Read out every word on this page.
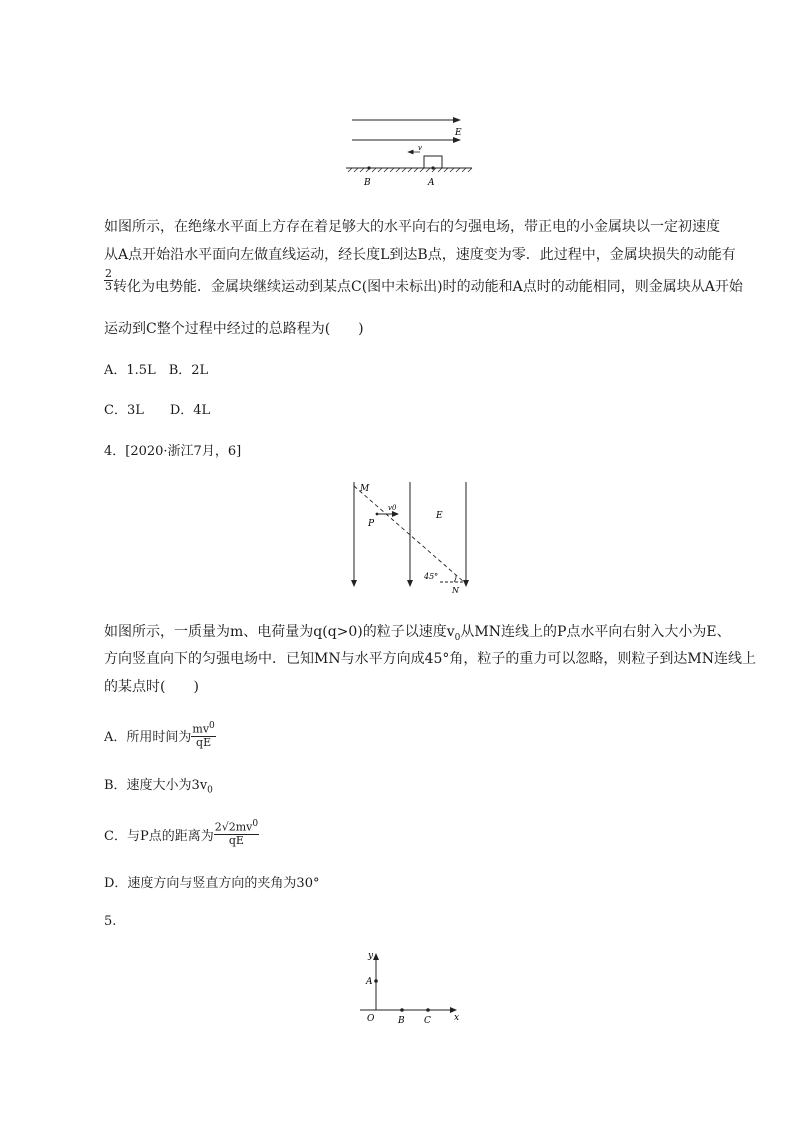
E
v
B	A
如图所示，在绝缘水平面上方存在着足够大的水平向右的匀强电场，带正电的小金属块以一定初速度
从A点开始沿水平面向左做直线运动，经长度L到达B点，速度变为零．此过程中，金属块损失的动能有
$\frac{2}{3}$ 转化为电势能．金属块继续运动到某点C(图中未标出)时的动能和A点时的动能相同，则金属块从A开始
运动到C整个过程中经过的总路程为(　　)
A．1.5L　B．2L
C．3L　　D．4L
4．[2020·浙江7月，6]
M
P
v0
E
45°
N
如图所示，一质量为m、电荷量为q(q>0)的粒子以速度$v_0$从MN连线上的P点水平向右射入大小为E、
方向竖直向下的匀强电场中．已知MN与水平方向成45°角，粒子的重力可以忽略，则粒子到达MN连线上
的某点时(　　)
A．所用时间为 $\frac{mv^0}{qE}$
B．速度大小为$3v_0$
C．与P点的距离为 $\frac{2√2mv^0}{qE}$
D．速度方向与竖直方向的夹角为30°
5.
y
A
O	B C	x
